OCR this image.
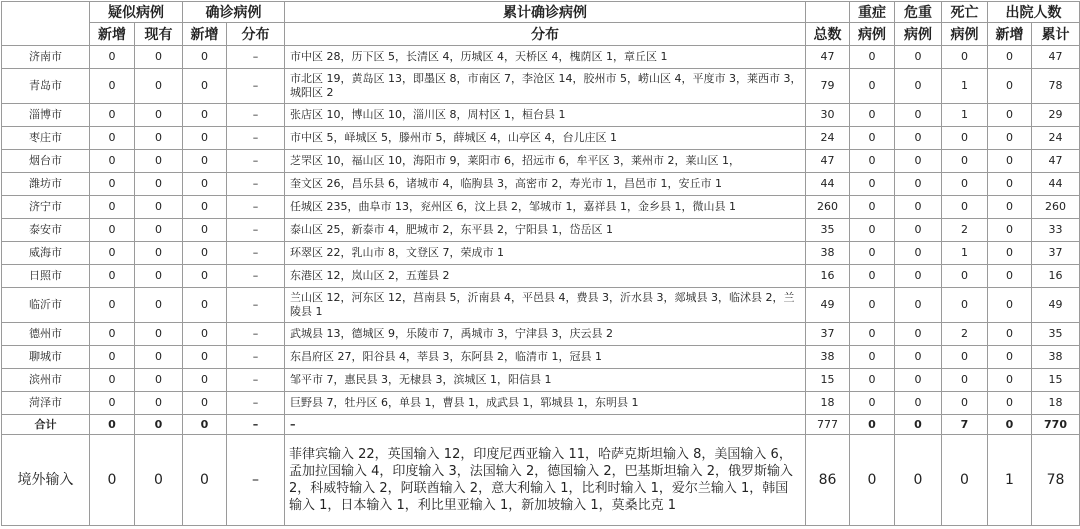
	疑似病例		确诊病例		累计确诊病例		重症	危重	死亡	出院人数	
	新增	现有	新增	分布	分布	总数	病例	病例	病例	新增	累计
济南市	0	0	0	–	市中区 28，历下区 5，长清区 4，历城区 4，天桥区 4，槐荫区 1，章丘区 1	47	0	0	0	0	47
青岛市	0	0	0	–	市北区 19，黄岛区 13，即墨区 8，市南区 7，李沧区 14，胶州市 5，崂山区 4，平度市 3，莱西市 3，城阳区 2	79	0	0	1	0	78
淄博市	0	0	0	–	张店区 10，博山区 10，淄川区 8，周村区 1，桓台县 1	30	0	0	1	0	29
枣庄市	0	0	0	–	市中区 5，峄城区 5，滕州市 5，薛城区 4，山亭区 4，台儿庄区 1	24	0	0	0	0	24
烟台市	0	0	0	–	芝罘区 10，福山区 10，海阳市 9，莱阳市 6，招远市 6，牟平区 3，莱州市 2，莱山区 1，	47	0	0	0	0	47
潍坊市	0	0	0	–	奎文区 26，昌乐县 6，诸城市 4，临朐县 3，高密市 2，寿光市 1，昌邑市 1，安丘市 1	44	0	0	0	0	44
济宁市	0	0	0	–	任城区 235，曲阜市 13，兖州区 6，汶上县 2，邹城市 1，嘉祥县 1，金乡县 1，微山县 1	260	0	0	0	0	260
泰安市	0	0	0	–	泰山区 25，新泰市 4，肥城市 2，东平县 2，宁阳县 1，岱岳区 1	35	0	0	2	0	33
威海市	0	0	0	–	环翠区 22，乳山市 8，文登区 7，荣成市 1	38	0	0	1	0	37
日照市	0	0	0	–	东港区 12，岚山区 2，五莲县 2	16	0	0	0	0	16
临沂市	0	0	0	–	兰山区 12，河东区 12，莒南县 5，沂南县 4，平邑县 4，费县 3，沂水县 3，郯城县 3，临沭县 2，兰陵县 1	49	0	0	0	0	49
德州市	0	0	0	–	武城县 13，德城区 9，乐陵市 7，禹城市 3，宁津县 3，庆云县 2	37	0	0	2	0	35
聊城市	0	0	0	–	东昌府区 27，阳谷县 4，莘县 3，东阿县 2，临清市 1，冠县 1	38	0	0	0	0	38
滨州市	0	0	0	–	邹平市 7，惠民县 3，无棣县 3，滨城区 1，阳信县 1	15	0	0	0	0	15
菏泽市	0	0	0	–	巨野县 7，牡丹区 6，单县 1，曹县 1，成武县 1，郓城县 1，东明县 1	18	0	0	0	0	18
合计	0	0	0	–	–	777	0	0	7	0	770
境外输入	0	0	0	–	菲律宾输入 22，英国输入 12，印度尼西亚输入 11，哈萨克斯坦输入 8，美国输入 6，孟加拉国输入 4，印度输入 3，法国输入 2，德国输入 2，巴基斯坦输入 2，俄罗斯输入 2，科威特输入 2，阿联酋输入 2，意大利输入 1，比利时输入 1，爱尔兰输入 1，韩国输入 1，日本输入 1，利比里亚输入 1，新加坡输入 1，莫桑比克 1	86	0	0	0	1	78
